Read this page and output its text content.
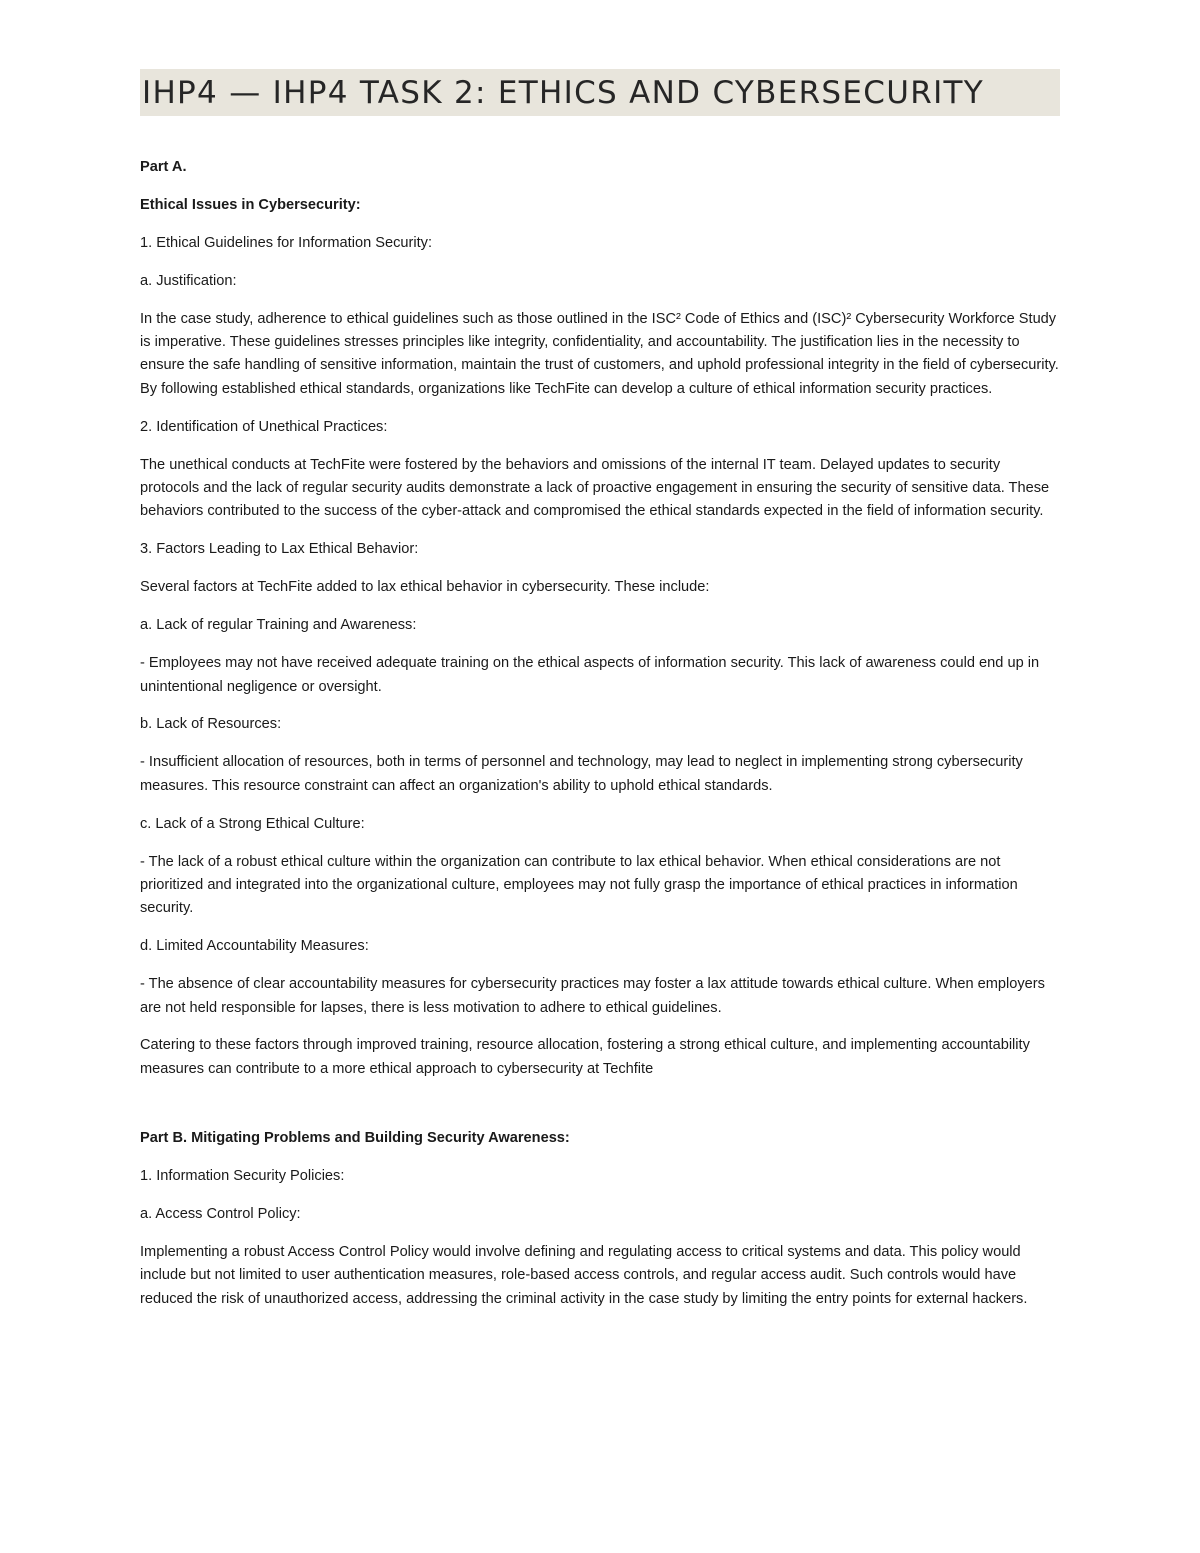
IHP4 — IHP4 TASK 2: ETHICS AND CYBERSECURITY

Part A.

Ethical Issues in Cybersecurity:

1. Ethical Guidelines for Information Security:

a. Justification:

In the case study, adherence to ethical guidelines such as those outlined in the ISC² Code of Ethics and (ISC)² Cybersecurity Workforce Study is imperative. These guidelines stresses principles like integrity, confidentiality, and accountability. The justification lies in the necessity to ensure the safe handling of sensitive information, maintain the trust of customers, and uphold professional integrity in the field of cybersecurity. By following established ethical standards, organizations like TechFite can develop a culture of ethical information security practices.

2. Identification of Unethical Practices:

The unethical conducts at TechFite were fostered by the behaviors and omissions of the internal IT team. Delayed updates to security protocols and the lack of regular security audits demonstrate a lack of proactive engagement in ensuring the security of sensitive data. These behaviors contributed to the success of the cyber-attack and compromised the ethical standards expected in the field of information security.

3. Factors Leading to Lax Ethical Behavior:

Several factors at TechFite added to lax ethical behavior in cybersecurity. These include:

a. Lack of regular Training and Awareness:

- Employees may not have received adequate training on the ethical aspects of information security. This lack of awareness could end up in unintentional negligence or oversight.

b. Lack of Resources:

- Insufficient allocation of resources, both in terms of personnel and technology, may lead to neglect in implementing strong cybersecurity measures. This resource constraint can affect an organization's ability to uphold ethical standards.

c. Lack of a Strong Ethical Culture:

- The lack of a robust ethical culture within the organization can contribute to lax ethical behavior. When ethical considerations are not prioritized and integrated into the organizational culture, employees may not fully grasp the importance of ethical practices in information security.

d. Limited Accountability Measures:

- The absence of clear accountability measures for cybersecurity practices may foster a lax attitude towards ethical culture. When employers are not held responsible for lapses, there is less motivation to adhere to ethical guidelines.

Catering to these factors through improved training, resource allocation, fostering a strong ethical culture, and implementing accountability measures can contribute to a more ethical approach to cybersecurity at Techfite

Part B. Mitigating Problems and Building Security Awareness:

1. Information Security Policies:

a. Access Control Policy:

Implementing a robust Access Control Policy would involve defining and regulating access to critical systems and data. This policy would include but not limited to user authentication measures, role-based access controls, and regular access audit. Such controls would have reduced the risk of unauthorized access, addressing the criminal activity in the case study by limiting the entry points for external hackers.
